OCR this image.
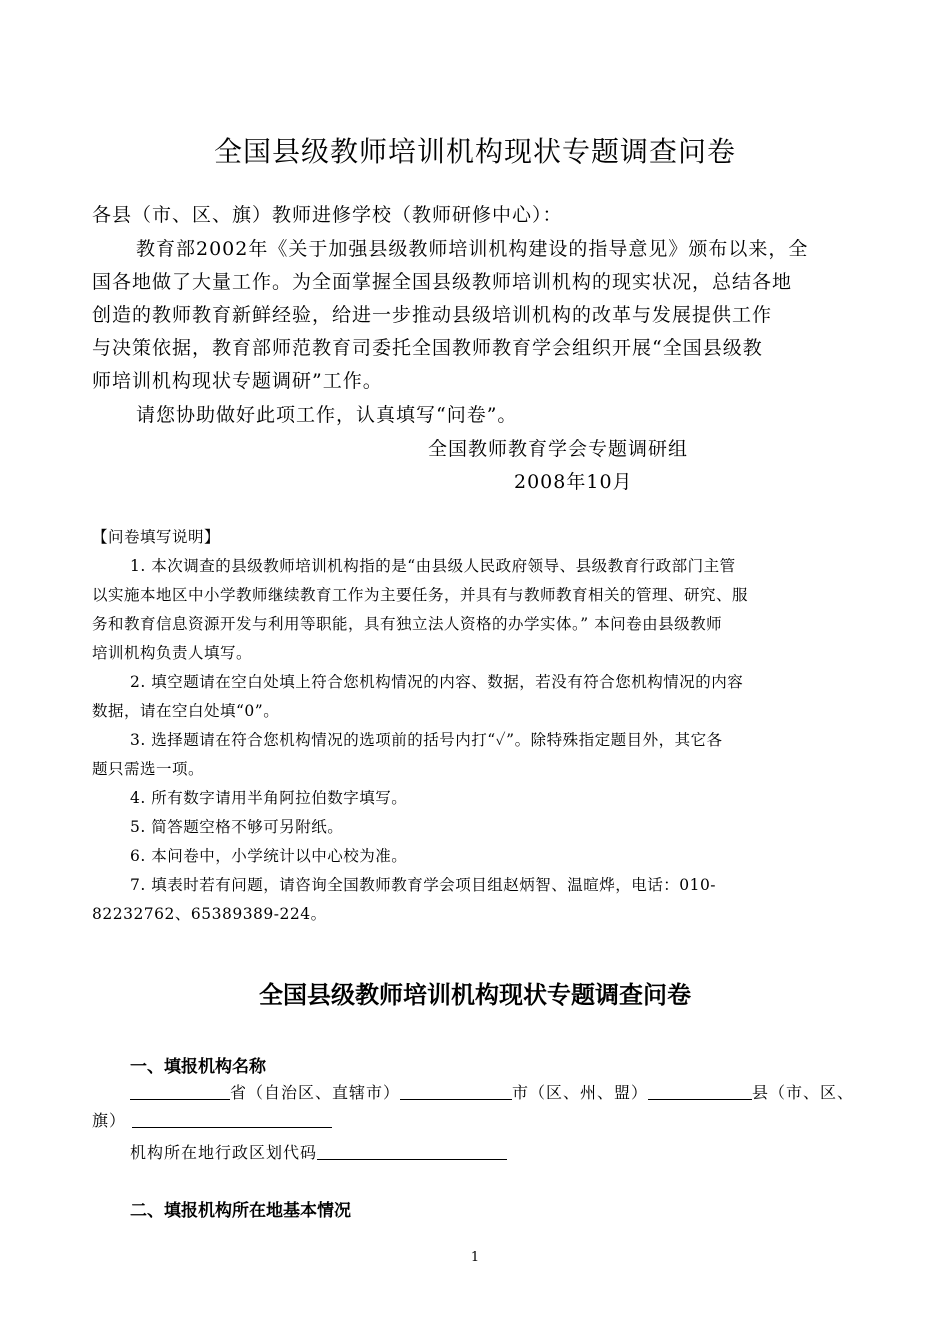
全国县级教师培训机构现状专题调查问卷
各县（市、区、旗）教师进修学校（教师研修中心）：
教育部2002年《关于加强县级教师培训机构建设的指导意见》颁布以来，全
国各地做了大量工作。为全面掌握全国县级教师培训机构的现实状况，总结各地
创造的教师教育新鲜经验，给进一步推动县级培训机构的改革与发展提供工作
与决策依据，教育部师范教育司委托全国教师教育学会组织开展“全国县级教
师培训机构现状专题调研”工作。
请您协助做好此项工作，认真填写“问卷”。
全国教师教育学会专题调研组
2008年10月
【问卷填写说明】
1. 本次调查的县级教师培训机构指的是“由县级人民政府领导、县级教育行政部门主管
以实施本地区中小学教师继续教育工作为主要任务，并具有与教师教育相关的管理、研究、服
务和教育信息资源开发与利用等职能，具有独立法人资格的办学实体。” 本问卷由县级教师
培训机构负责人填写。
2. 填空题请在空白处填上符合您机构情况的内容、数据，若没有符合您机构情况的内容
数据，请在空白处填“0”。
3. 选择题请在符合您机构情况的选项前的括号内打“✓”。除特殊指定题目外，其它各
题只需选一项。
4. 所有数字请用半角阿拉伯数字填写。
5. 简答题空格不够可另附纸。
6. 本问卷中，小学统计以中心校为准。
7. 填表时若有问题，请咨询全国教师教育学会项目组赵炳智、温暄烨，电话：010-
82232762、65389389-224。
全国县级教师培训机构现状专题调查问卷
一、填报机构名称
省（自治区、直辖市）	市（区、州、盟）	县（市、区、
旗）
机构所在地行政区划代码
二、填报机构所在地基本情况
1
